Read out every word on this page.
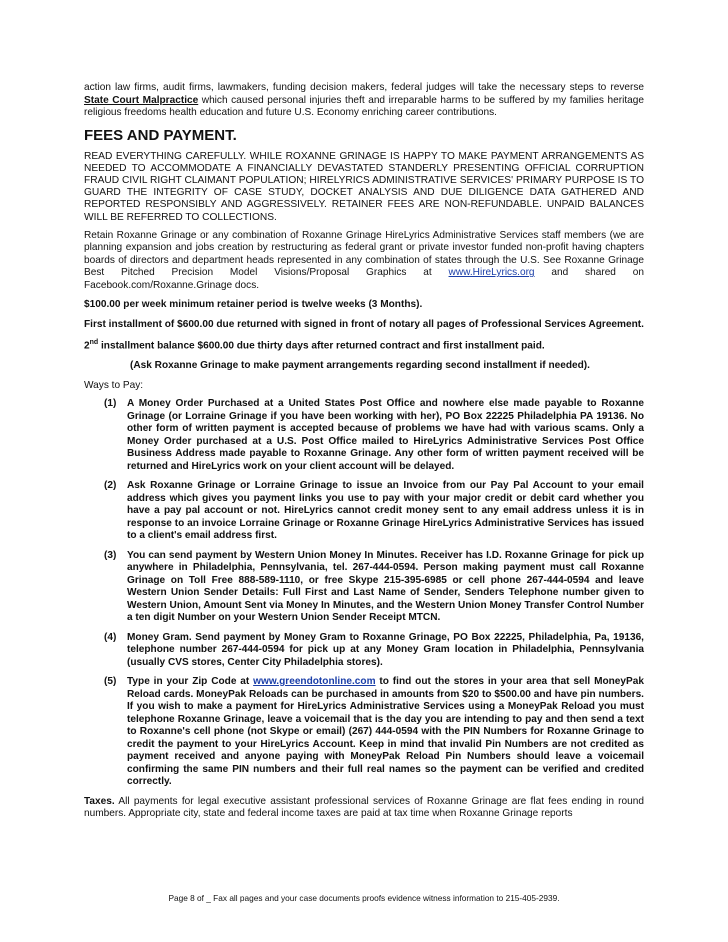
action law firms, audit firms, lawmakers, funding decision makers, federal judges will take the necessary steps to reverse State Court Malpractice which caused personal injuries theft and irreparable harms to be suffered by my families heritage religious freedoms health education and future U.S. Economy enriching career contributions.

FEES AND PAYMENT.

READ EVERYTHING CAREFULLY. WHILE ROXANNE GRINAGE IS HAPPY TO MAKE PAYMENT ARRANGEMENTS AS NEEDED TO ACCOMMODATE A FINANCIALLY DEVASTATED STANDERLY PRESENTING OFFICIAL CORRUPTION FRAUD CIVIL RIGHT CLAIMANT POPULATION; HIRELYRICS ADMINISTRATIVE SERVICES' PRIMARY PURPOSE IS TO GUARD THE INTEGRITY OF CASE STUDY, DOCKET ANALYSIS AND DUE DILIGENCE DATA GATHERED AND REPORTED RESPONSIBLY AND AGGRESSIVELY. RETAINER FEES ARE NON-REFUNDABLE. UNPAID BALANCES WILL BE REFERRED TO COLLECTIONS.

Retain Roxanne Grinage or any combination of Roxanne Grinage HireLyrics Administrative Services staff members (we are planning expansion and jobs creation by restructuring as federal grant or private investor funded non-profit having chapters boards of directors and department heads represented in any combination of states through the U.S. See Roxanne Grinage Best Pitched Precision Model Visions/Proposal Graphics at www.HireLyrics.org and shared on Facebook.com/Roxanne.Grinage docs.

$100.00 per week minimum retainer period is twelve weeks (3 Months).

First installment of $600.00 due returned with signed in front of notary all pages of Professional Services Agreement.

2nd installment balance $600.00 due thirty days after returned contract and first installment paid.

(Ask Roxanne Grinage to make payment arrangements regarding second installment if needed).

Ways to Pay:

(1) A Money Order Purchased at a United States Post Office and nowhere else made payable to Roxanne Grinage (or Lorraine Grinage if you have been working with her), PO Box 22225 Philadelphia PA 19136. No other form of written payment is accepted because of problems we have had with various scams. Only a Money Order purchased at a U.S. Post Office mailed to HireLyrics Administrative Services Post Office Business Address made payable to Roxanne Grinage. Any other form of written payment received will be returned and HireLyrics work on your client account will be delayed.

(2) Ask Roxanne Grinage or Lorraine Grinage to issue an Invoice from our Pay Pal Account to your email address which gives you payment links you use to pay with your major credit or debit card whether you have a pay pal account or not. HireLyrics cannot credit money sent to any email address unless it is in response to an invoice Lorraine Grinage or Roxanne Grinage HireLyrics Administrative Services has issued to a client's email address first.

(3) You can send payment by Western Union Money In Minutes. Receiver has I.D. Roxanne Grinage for pick up anywhere in Philadelphia, Pennsylvania, tel. 267-444-0594. Person making payment must call Roxanne Grinage on Toll Free 888-589-1110, or free Skype 215-395-6985 or cell phone 267-444-0594 and leave Western Union Sender Details: Full First and Last Name of Sender, Senders Telephone number given to Western Union, Amount Sent via Money In Minutes, and the Western Union Money Transfer Control Number a ten digit Number on your Western Union Sender Receipt MTCN.

(4) Money Gram. Send payment by Money Gram to Roxanne Grinage, PO Box 22225, Philadelphia, Pa, 19136, telephone number 267-444-0594 for pick up at any Money Gram location in Philadelphia, Pennsylvania (usually CVS stores, Center City Philadelphia stores).

(5) Type in your Zip Code at www.greendotonline.com to find out the stores in your area that sell MoneyPak Reload cards. MoneyPak Reloads can be purchased in amounts from $20 to $500.00 and have pin numbers. If you wish to make a payment for HireLyrics Administrative Services using a MoneyPak Reload you must telephone Roxanne Grinage, leave a voicemail that is the day you are intending to pay and then send a text to Roxanne's cell phone (not Skype or email) (267) 444-0594 with the PIN Numbers for Roxanne Grinage to credit the payment to your HireLyrics Account. Keep in mind that invalid Pin Numbers are not credited as payment received and anyone paying with MoneyPak Reload Pin Numbers should leave a voicemail confirming the same PIN numbers and their full real names so the payment can be verified and credited correctly.

Taxes. All payments for legal executive assistant professional services of Roxanne Grinage are flat fees ending in round numbers. Appropriate city, state and federal income taxes are paid at tax time when Roxanne Grinage reports

Page 8 of _ Fax all pages and your case documents proofs evidence witness information to 215-405-2939.
